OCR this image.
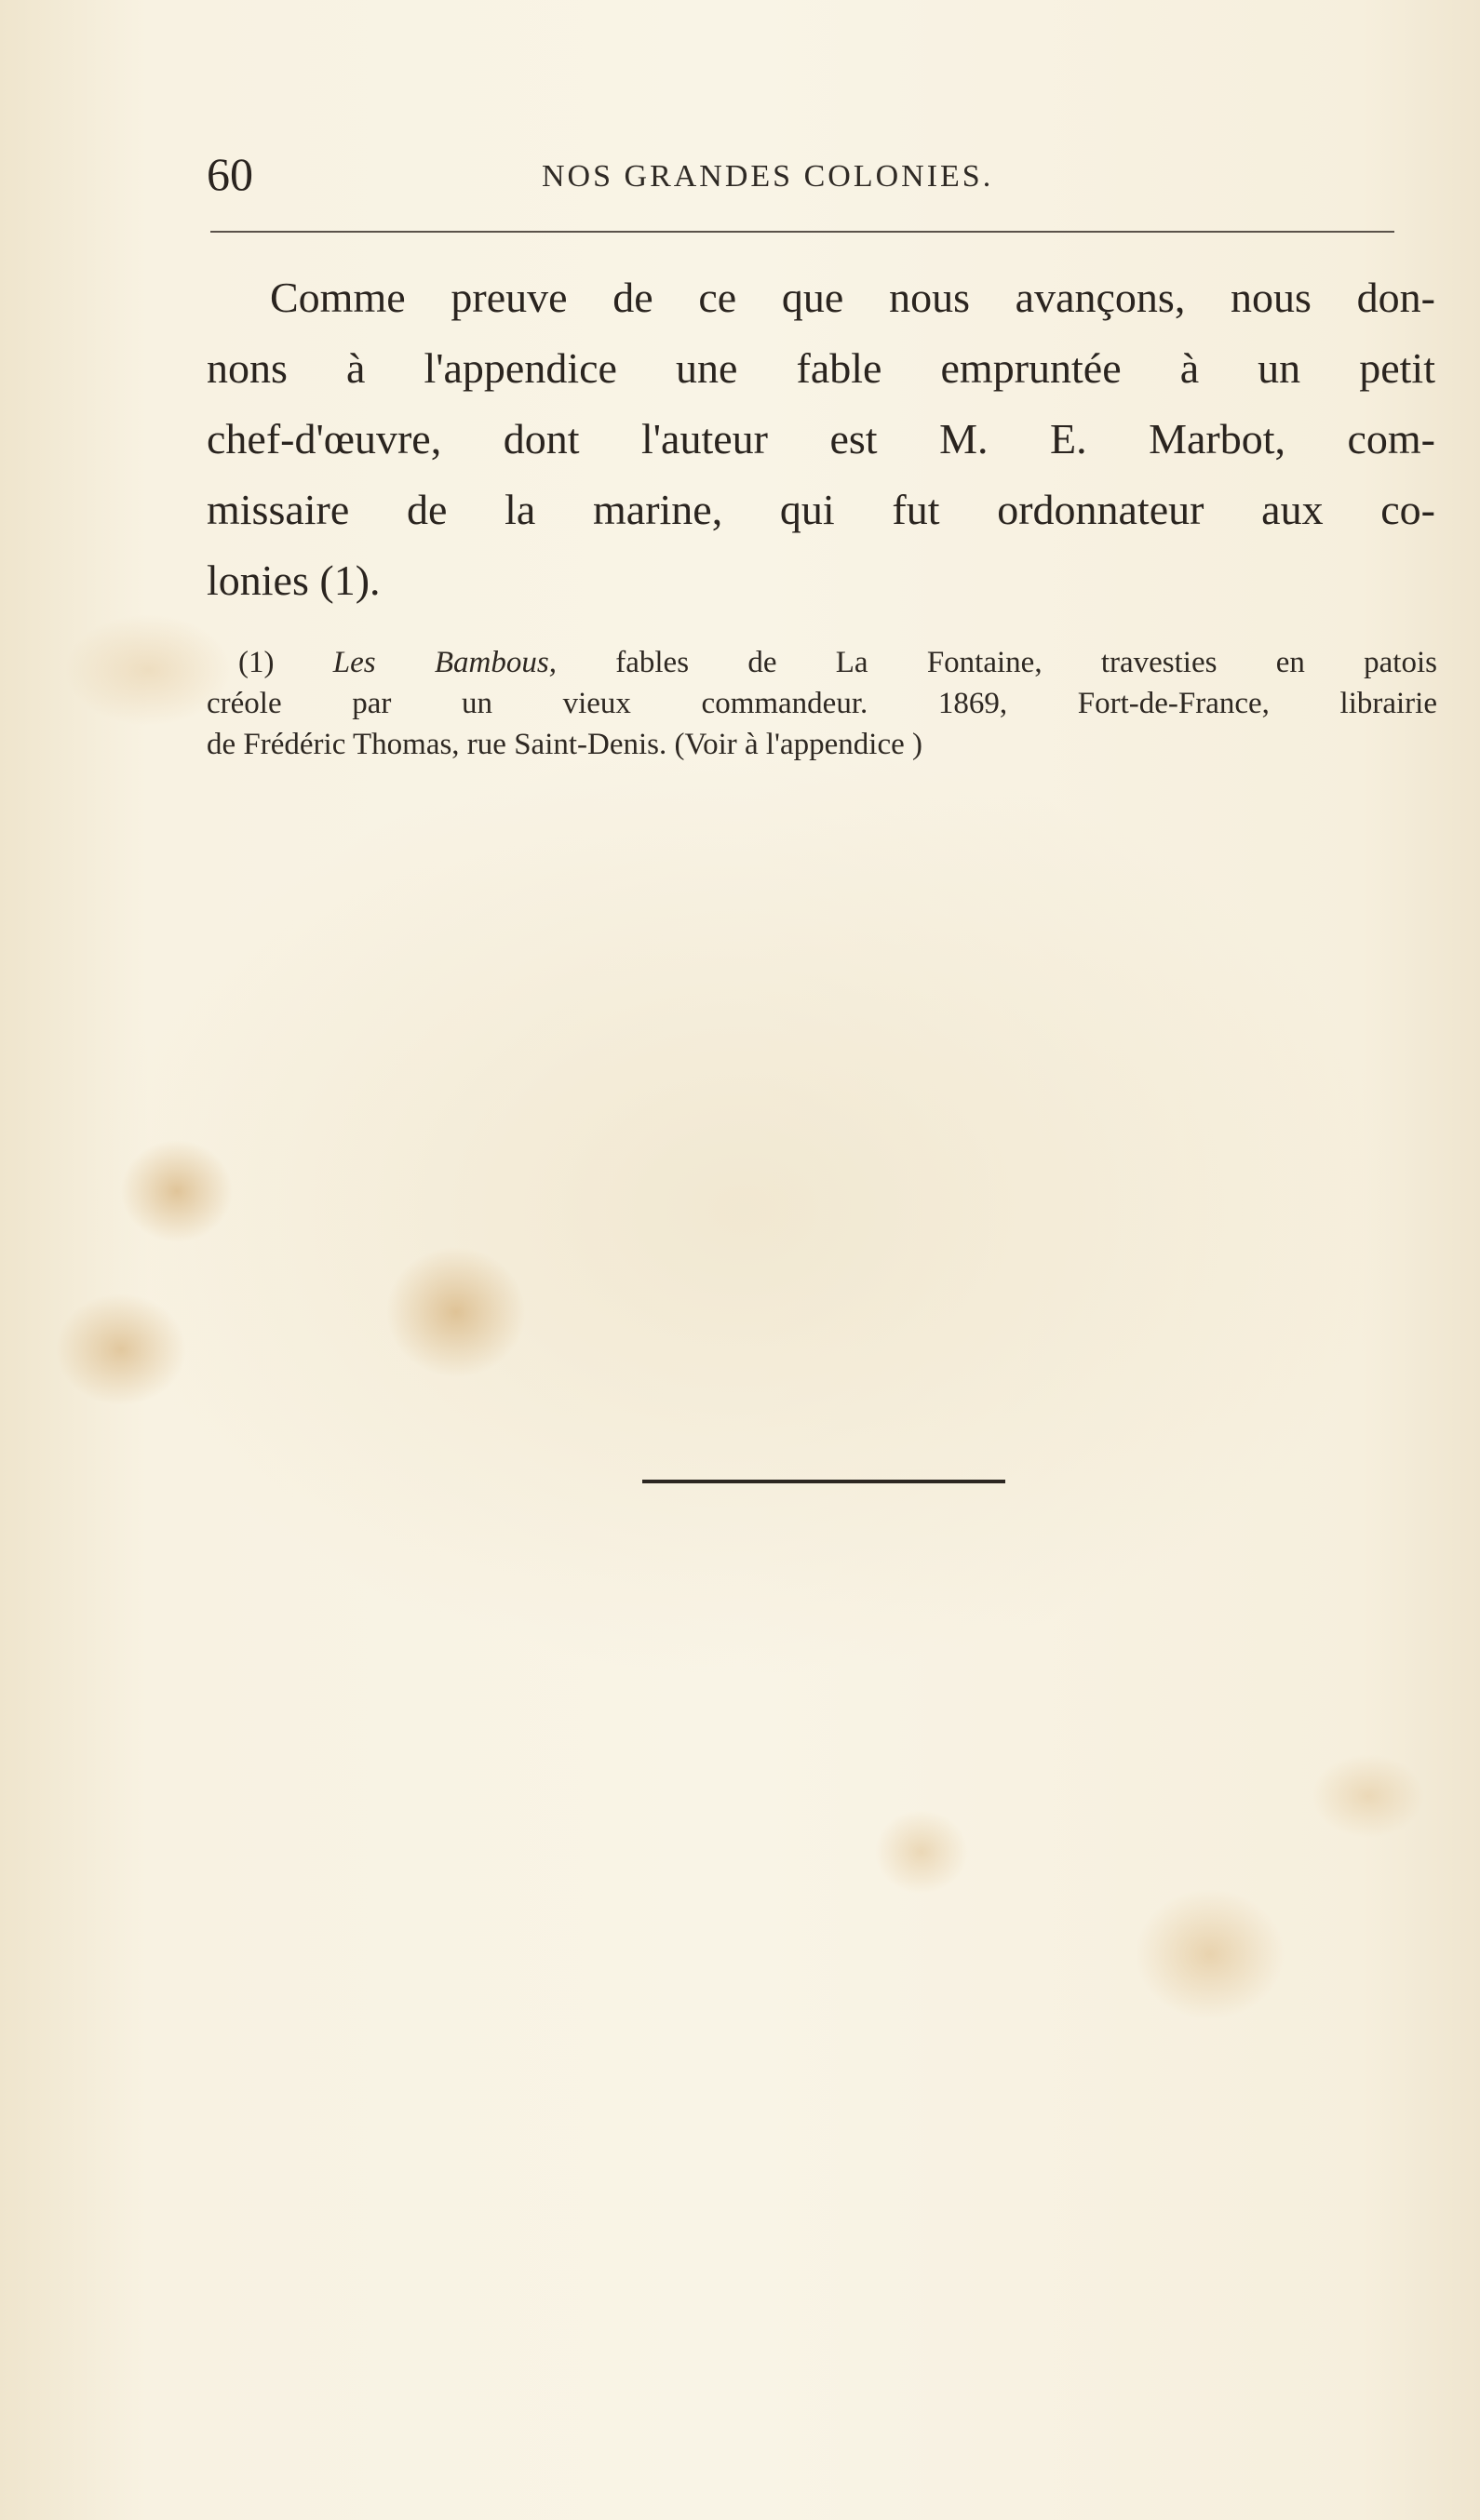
60	NOS GRANDES COLONIES.
Comme preuve de ce que nous avançons, nous don-
nons à l'appendice une fable empruntée à un petit
chef-d'œuvre, dont l'auteur est M. E. Marbot, com-
missaire de la marine, qui fut ordonnateur aux co-
lonies (1).
(1) Les Bambous, fables de La Fontaine, travesties en patois
créole par un vieux commandeur. 1869, Fort-de-France, librairie
de Frédéric Thomas, rue Saint-Denis. (Voir à l'appendice )
